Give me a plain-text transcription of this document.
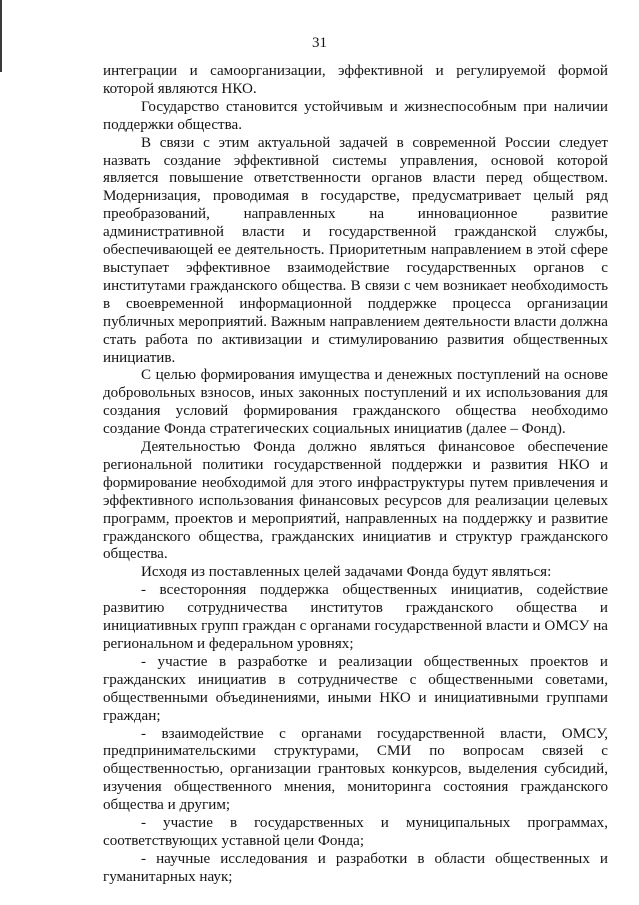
31

интеграции и самоорганизации, эффективной и регулируемой формой которой являются НКО.

Государство становится устойчивым и жизнеспособным при наличии поддержки общества.

В связи с этим актуальной задачей в современной России следует назвать создание эффективной системы управления, основой которой является повышение ответственности органов власти перед обществом. Модернизация, проводимая в государстве, предусматривает целый ряд преобразований, направленных на инновационное развитие административной власти и государственной гражданской службы, обеспечивающей ее деятельность. Приоритетным направлением в этой сфере выступает эффективное взаимодействие государственных органов с институтами гражданского общества. В связи с чем возникает необходимость в своевременной информационной поддержке процесса организации публичных мероприятий. Важным направлением деятельности власти должна стать работа по активизации и стимулированию развития общественных инициатив.

С целью формирования имущества и денежных поступлений на основе добровольных взносов, иных законных поступлений и их использования для создания условий формирования гражданского общества необходимо создание Фонда стратегических социальных инициатив (далее – Фонд).

Деятельностью Фонда должно являться финансовое обеспечение региональной политики государственной поддержки и развития НКО и формирование необходимой для этого инфраструктуры путем привлечения и эффективного использования финансовых ресурсов для реализации целевых программ, проектов и мероприятий, направленных на поддержку и развитие гражданского общества, гражданских инициатив и структур гражданского общества.

Исходя из поставленных целей задачами Фонда будут являться:

- всесторонняя поддержка общественных инициатив, содействие развитию сотрудничества институтов гражданского общества и инициативных групп граждан с органами государственной власти и ОМСУ на региональном и федеральном уровнях;

- участие в разработке и реализации общественных проектов и гражданских инициатив в сотрудничестве с общественными советами, общественными объединениями, иными НКО и инициативными группами граждан;

- взаимодействие с органами государственной власти, ОМСУ, предпринимательскими структурами, СМИ по вопросам связей с общественностью, организации грантовых конкурсов, выделения субсидий, изучения общественного мнения, мониторинга состояния гражданского общества и другим;

- участие в государственных и муниципальных программах, соответствующих уставной цели Фонда;

- научные исследования и разработки в области общественных и гуманитарных наук;
